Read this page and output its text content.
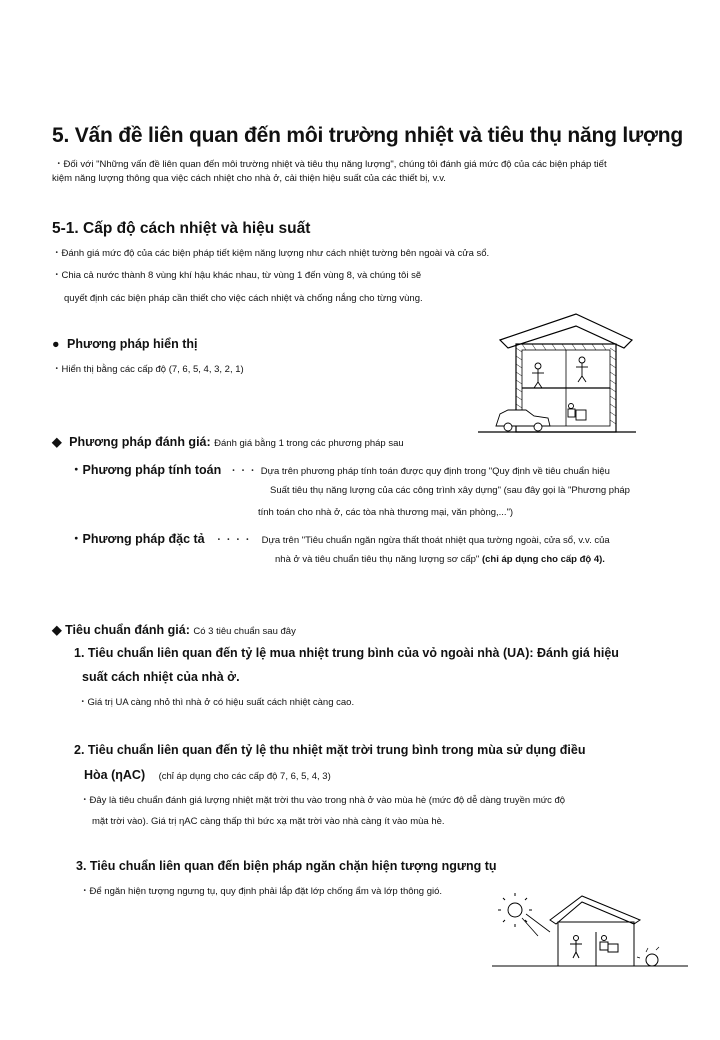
5. Vấn đề liên quan đến môi trường nhiệt và tiêu thụ năng lượng
・Đối với "Những vấn đề liên quan đến môi trường nhiệt và tiêu thụ năng lượng", chúng tôi đánh giá mức độ của các biện pháp tiết
kiệm năng lượng thông qua việc cách nhiệt cho nhà ở, cải thiện hiệu suất của các thiết bị, v.v.
5-1. Cấp độ cách nhiệt và hiệu suất
・Đánh giá mức độ của các biện pháp tiết kiệm năng lượng như cách nhiệt tường bên ngoài và cửa sổ.
・Chia cả nước thành 8 vùng khí hậu khác nhau, từ vùng 1 đến vùng 8, và chúng tôi sẽ
quyết định các biện pháp cần thiết cho việc cách nhiệt và chống nắng cho từng vùng.
● Phương pháp hiển thị
・Hiển thị bằng các cấp độ (7, 6, 5, 4, 3, 2, 1)
◆ Phương pháp đánh giá: Đánh giá bằng 1 trong các phương pháp sau
・Phương pháp tính toán ・・・ Dựa trên phương pháp tính toán được quy định trong "Quy định về tiêu chuẩn hiệu
Suất tiêu thụ năng lượng của các công trình xây dựng" (sau đây gọi là "Phương pháp
tính toán cho nhà ở, các tòa nhà thương mại, văn phòng,...")
・Phương pháp đặc tả ・・・・ Dựa trên "Tiêu chuẩn ngăn ngừa thất thoát nhiệt qua tường ngoài, cửa sổ, v.v. của
nhà ở và tiêu chuẩn tiêu thụ năng lượng sơ cấp" (chỉ áp dụng cho cấp độ 4).
◆ Tiêu chuẩn đánh giá: Có 3 tiêu chuẩn sau đây
1. Tiêu chuẩn liên quan đến tỷ lệ mua nhiệt trung bình của vỏ ngoài nhà (UA): Đánh giá hiệu
suất cách nhiệt của nhà ở.
・Giá trị UA càng nhỏ thì nhà ở có hiệu suất cách nhiệt càng cao.
2. Tiêu chuẩn liên quan đến tỷ lệ thu nhiệt mặt trời trung bình trong mùa sử dụng điều
Hòa (ηAC) (chỉ áp dụng cho các cấp độ 7, 6, 5, 4, 3)
・Đây là tiêu chuẩn đánh giá lượng nhiệt mặt trời thu vào trong nhà ở vào mùa hè (mức độ dễ dàng truyền mức độ
mặt trời vào). Giá trị ηAC càng thấp thì bức xạ mặt trời vào nhà càng ít vào mùa hè.
3. Tiêu chuẩn liên quan đến biện pháp ngăn chặn hiện tượng ngưng tụ
・Để ngăn hiện tượng ngưng tụ, quy định phải lắp đặt lớp chống ẩm và lớp thông gió.
